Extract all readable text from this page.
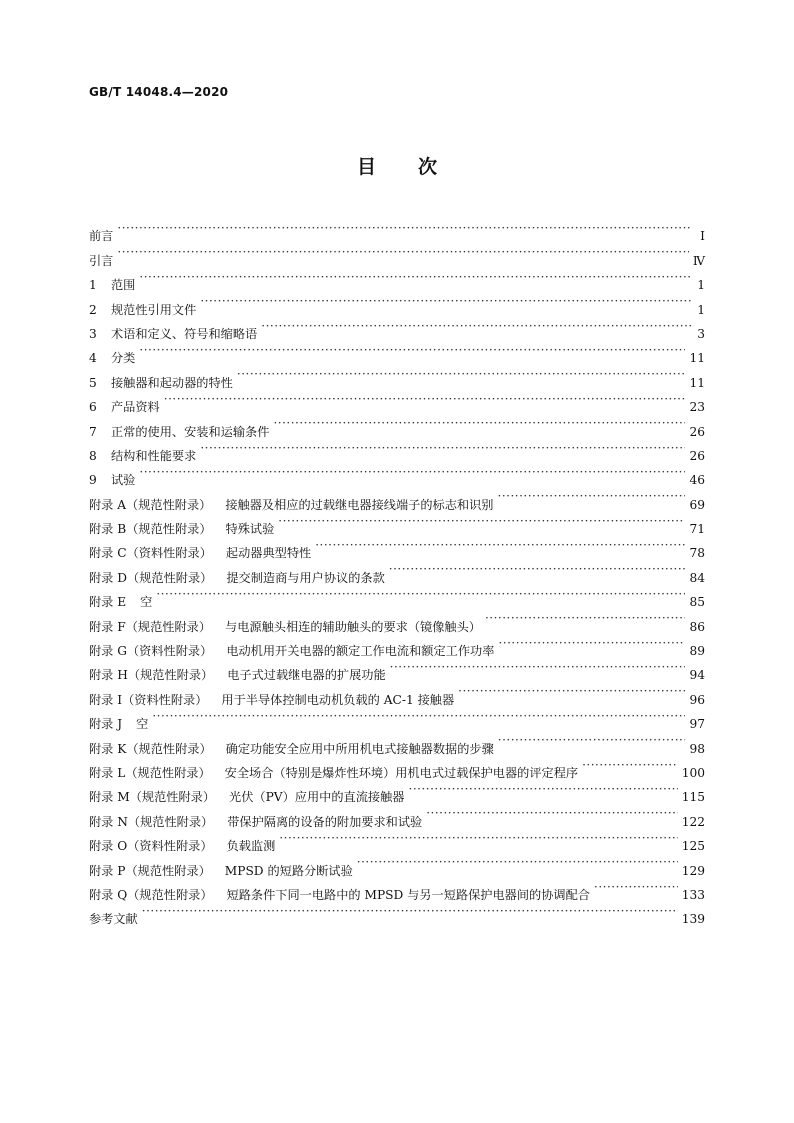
GB/T 14048.4—2020
目次
前言 ·····	Ⅰ
引言 ·····	Ⅳ
1 范围 ·····	1
2 规范性引用文件 ·····	1
3 术语和定义、符号和缩略语 ·····	3
4 分类 ·····	11
5 接触器和起动器的特性 ·····	11
6 产品资料 ·····	23
7 正常的使用、安装和运输条件 ·····	26
8 结构和性能要求 ·····	26
9 试验 ·····	46
附录 A（规范性附录） 接触器及相应的过载继电器接线端子的标志和识别 ·····	69
附录 B（规范性附录） 特殊试验 ·····	71
附录 C（资料性附录） 起动器典型特性 ·····	78
附录 D（规范性附录） 提交制造商与用户协议的条款 ·····	84
附录 E 空 ·····	85
附录 F（规范性附录） 与电源触头相连的辅助触头的要求（镜像触头） ·····	86
附录 G（资料性附录） 电动机用开关电器的额定工作电流和额定工作功率 ·····	89
附录 H（规范性附录） 电子式过载继电器的扩展功能 ·····	94
附录 I（资料性附录） 用于半导体控制电动机负载的 AC-1 接触器 ·····	96
附录 J 空 ·····	97
附录 K（规范性附录） 确定功能安全应用中所用机电式接触器数据的步骤 ·····	98
附录 L（规范性附录） 安全场合（特别是爆炸性环境）用机电式过载保护电器的评定程序 ·····	100
附录 M（规范性附录） 光伏（PV）应用中的直流接触器 ·····	115
附录 N（规范性附录） 带保护隔离的设备的附加要求和试验 ·····	122
附录 O（资料性附录） 负载监测 ·····	125
附录 P（规范性附录） MPSD 的短路分断试验 ·····	129
附录 Q（规范性附录） 短路条件下同一电路中的 MPSD 与另一短路保护电器间的协调配合 ·····	133
参考文献 ·····	139
